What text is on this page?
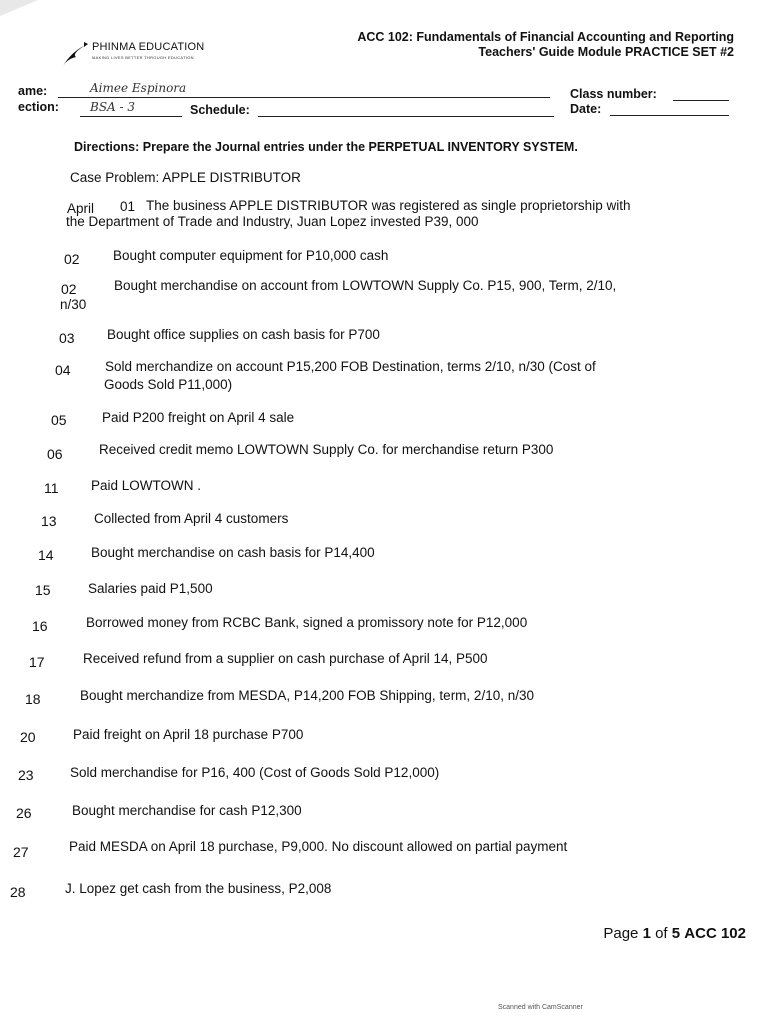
PHINMA EDUCATION
MAKING LIVES BETTER THROUGH EDUCATION
ACC 102: Fundamentals of Financial Accounting and Reporting
Teachers' Guide Module PRACTICE SET #2
ame:	Aimee Espinora
ection:	BSA - 3	Schedule:
Class number:
Date:
Directions: Prepare the Journal entries under the PERPETUAL INVENTORY SYSTEM.
Case Problem: APPLE DISTRIBUTOR
April 01 The business APPLE DISTRIBUTOR was registered as single proprietorship with
the Department of Trade and Industry, Juan Lopez invested P39, 000
02 Bought computer equipment for P10,000 cash
02	Bought merchandise on account from LOWTOWN Supply Co. P15, 900, Term, 2/10,
n/30
03 Bought office supplies on cash basis for P700
04	Sold merchandize on account P15,200 FOB Destination, terms 2/10, n/30 (Cost of
Goods Sold P11,000)
05	Paid P200 freight on April 4 sale
06	Received credit memo LOWTOWN Supply Co. for merchandise return P300
11 Paid LOWTOWN .
13	Collected from April 4 customers
14	Bought merchandise on cash basis for P14,400
15	Salaries paid P1,500
16	Borrowed money from RCBC Bank, signed a promissory note for P12,000
17	Received refund from a supplier on cash purchase of April 14, P500
18	Bought merchandize from MESDA, P14,200 FOB Shipping, term, 2/10, n/30
20	Paid freight on April 18 purchase P700
23	Sold merchandise for P16, 400 (Cost of Goods Sold P12,000)
26	Bought merchandise for cash P12,300
27	Paid MESDA on April 18 purchase, P9,000. No discount allowed on partial payment
28	J. Lopez get cash from the business, P2,008
Page 1 of 5 ACC 102
Scanned with CamScanner
